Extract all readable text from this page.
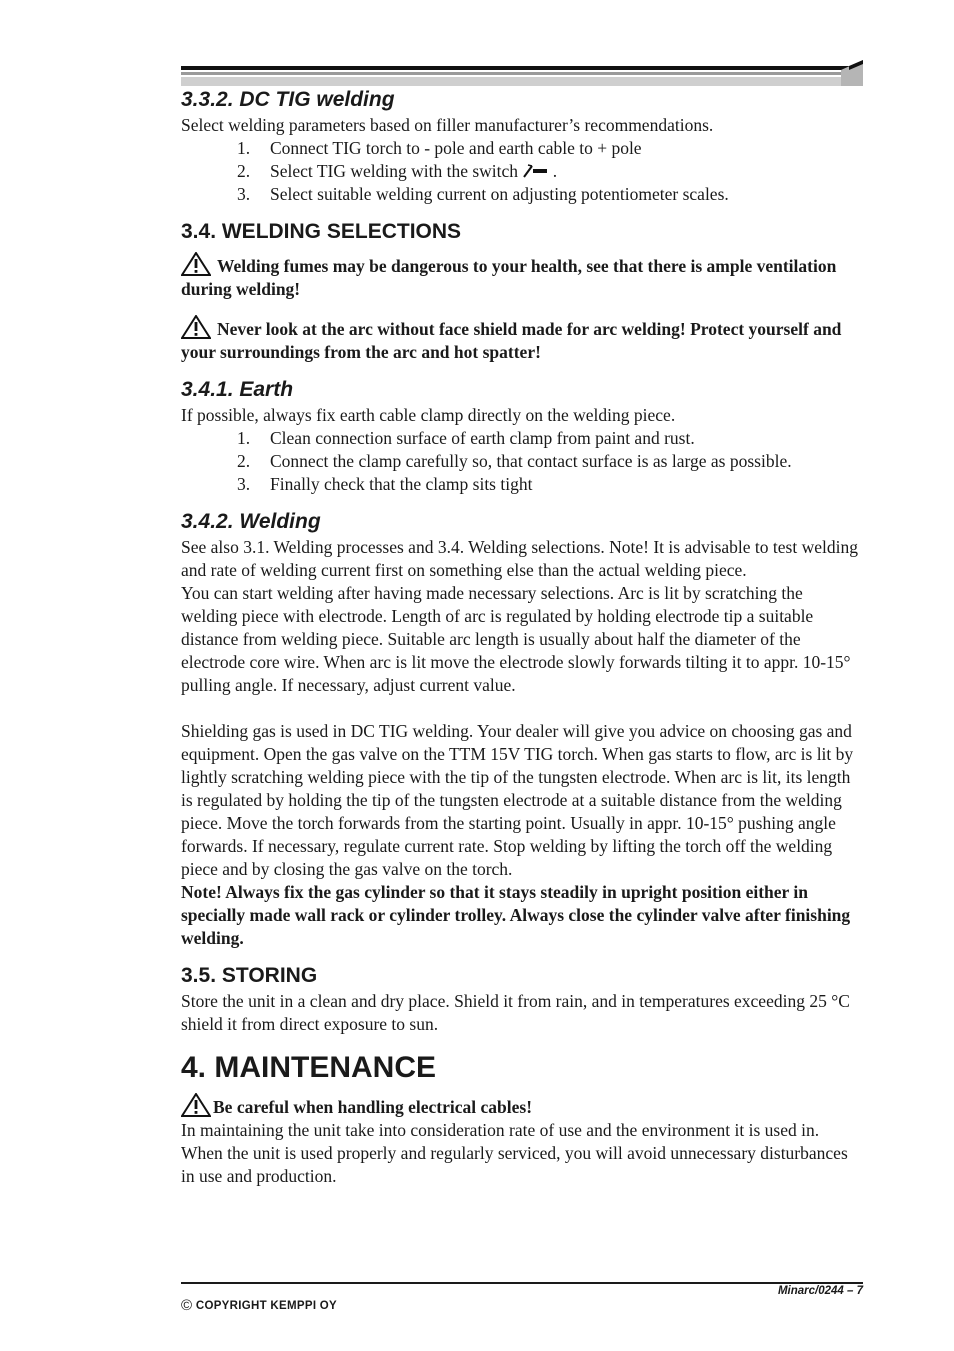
3.3.2. DC TIG welding

Select welding parameters based on filler manufacturer’s recommendations.

1. Connect TIG torch to - pole and earth cable to + pole
2. Select TIG welding with the switch  .
3. Select suitable welding current on adjusting potentiometer scales.
3.4. WELDING SELECTIONS

Welding fumes may be dangerous to your health, see that there is ample ventilation during welding!

Never look at the arc without face shield made for arc welding! Protect yourself and your surroundings from the arc and hot spatter!

3.4.1. Earth

If possible, always fix earth cable clamp directly on the welding piece.

1. Clean connection surface of earth clamp from paint and rust.
2. Connect the clamp carefully so, that contact surface is as large as possible.
3. Finally check that the clamp sits tight
3.4.2. Welding

See also 3.1. Welding processes and 3.4. Welding selections. Note! It is advisable to test welding and rate of welding current first on something else than the actual welding piece.

You can start welding after having made necessary selections. Arc is lit by scratching the welding piece with electrode. Length of arc is regulated by holding electrode tip a suitable distance from welding piece. Suitable arc length is usually about half the diameter of the electrode core wire. When arc is lit move the electrode slowly forwards tilting it to appr. 10-15° pulling angle. If necessary, adjust current value.

Shielding gas is used in DC TIG welding. Your dealer will give you advice on choosing gas and equipment. Open the gas valve on the TTM 15V TIG torch. When gas starts to flow, arc is lit by lightly scratching welding piece with the tip of the tungsten electrode. When arc is lit, its length is regulated by holding the tip of the tungsten electrode at a suitable distance from the welding piece. Move the torch forwards from the starting point. Usually in appr. 10-15° pushing angle forwards. If necessary, regulate current rate. Stop welding by lifting the torch off the welding piece and by closing the gas valve on the torch.

Note! Always fix the gas cylinder so that it stays steadily in upright position either in specially made wall rack or cylinder trolley. Always close the cylinder valve after finishing welding.

3.5. STORING

Store the unit in a clean and dry place. Shield it from rain, and in temperatures exceeding 25 °C shield it from direct exposure to sun.

4. MAINTENANCE

Be careful when handling electrical cables!

In maintaining the unit take into consideration rate of use and the environment it is used in. When the unit is used properly and regularly serviced, you will avoid unnecessary disturbances in use and production.

Minarc/0244 – 7
© COPYRIGHT KEMPPI OY
